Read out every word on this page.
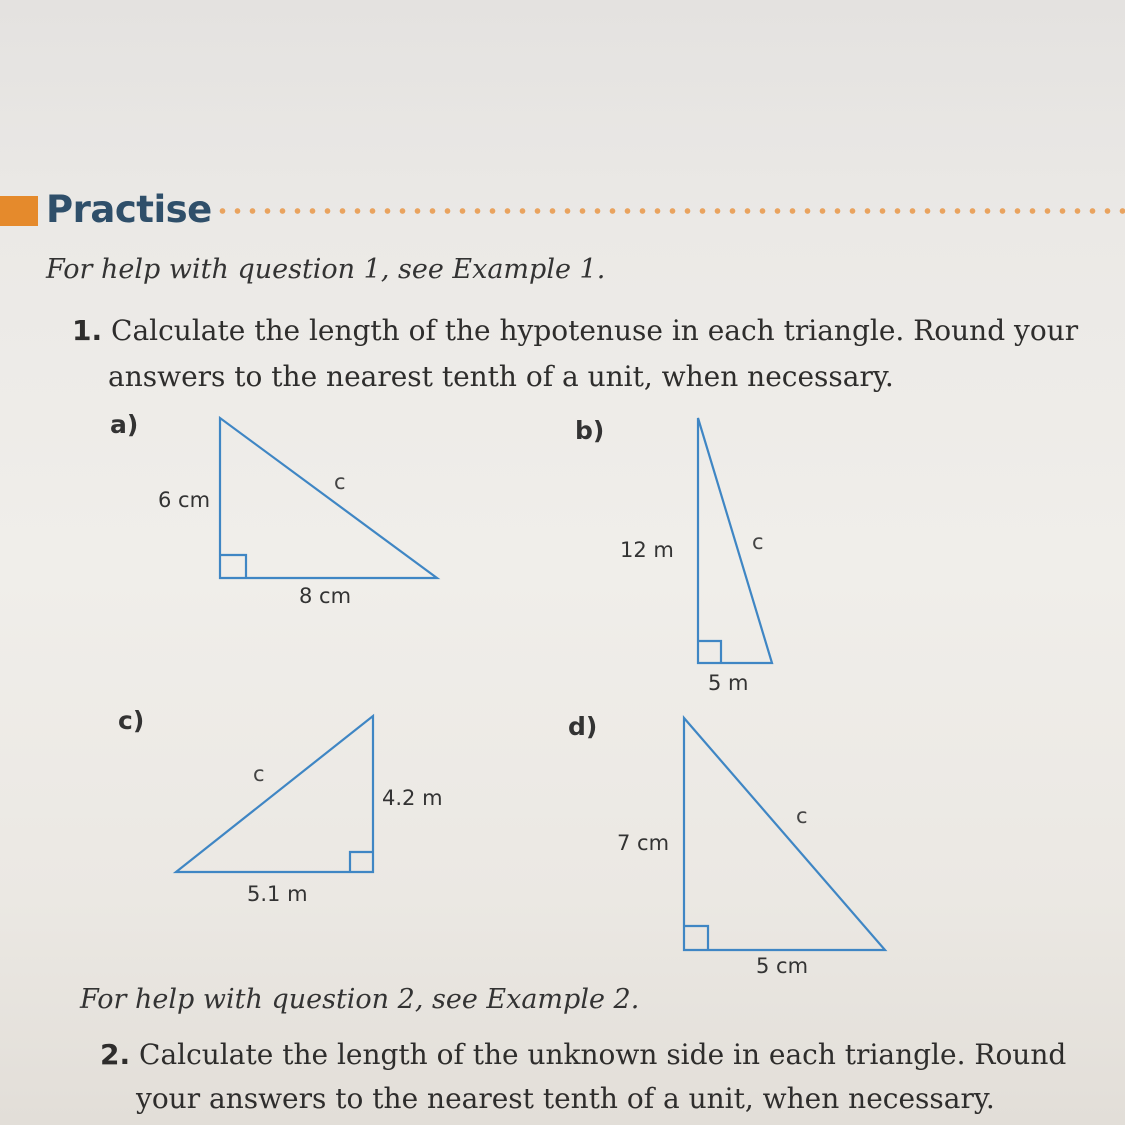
Practise
For help with question 1, see Example 1.
1. Calculate the length of the hypotenuse in each triangle. Round your
answers to the nearest tenth of a unit, when necessary.
a)	b)
c)	d)
6 cm
c
8 cm
12 m	c
5 m
c
4.2 m
5.1 m
7 cm
c
5 cm
For help with question 2, see Example 2.
2. Calculate the length of the unknown side in each triangle. Round
your answers to the nearest tenth of a unit, when necessary.
